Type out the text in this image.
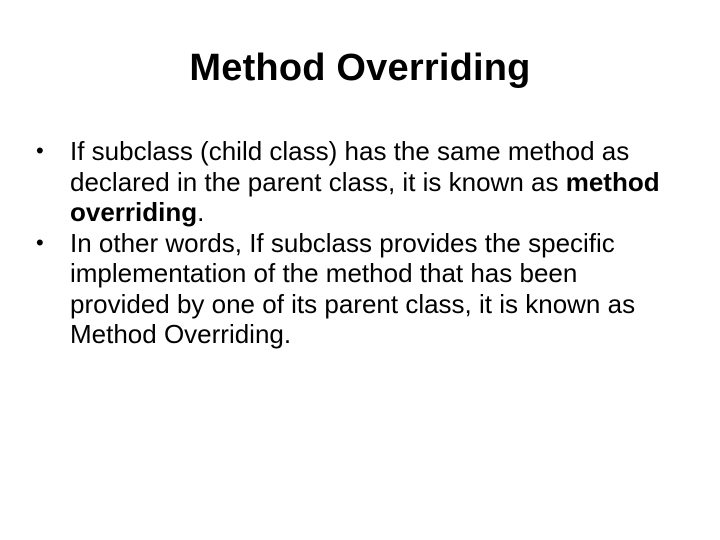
Method Overriding
•	If subclass (child class) has the same method as declared in the parent class, it is known as method overriding.
•	In other words, If subclass provides the specific implementation of the method that has been provided by one of its parent class, it is known as Method Overriding.
